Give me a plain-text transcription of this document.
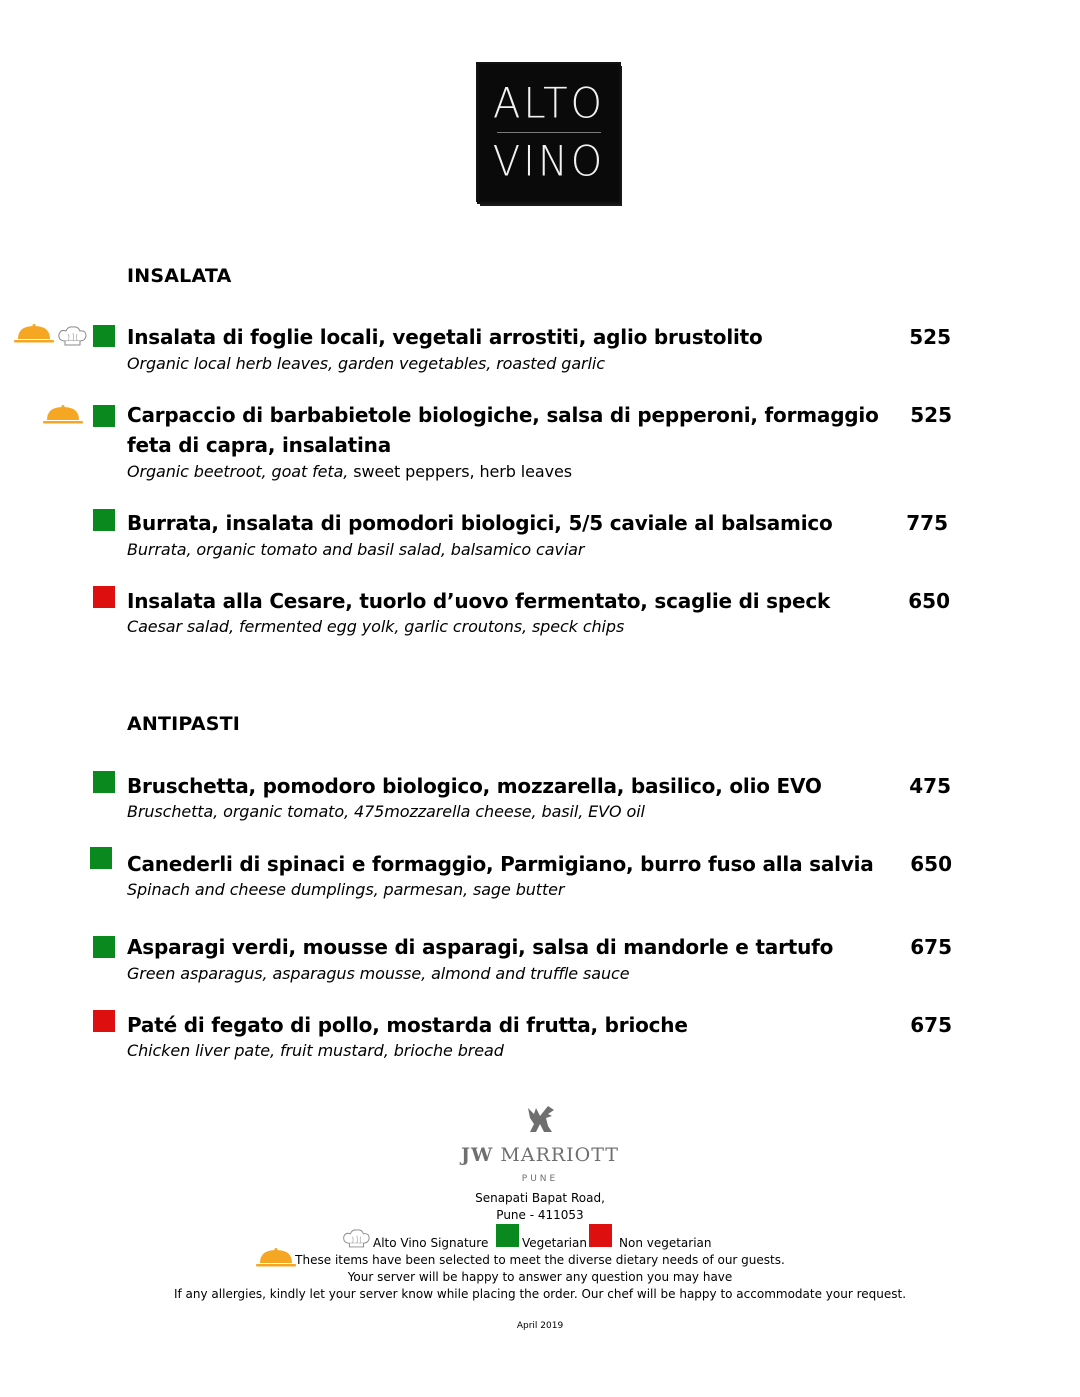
ALTO
VINO
INSALATA
Insalata di foglie locali, vegetali arrostiti, aglio brustolito	525
Organic local herb leaves, garden vegetables, roasted garlic
Carpaccio di barbabietole biologiche, salsa di pepperoni, formaggio feta di capra, insalatina
525
Organic beetroot, goat feta, sweet peppers, herb leaves
Burrata, insalata di pomodori biologici, 5/5 caviale al balsamico	775
Burrata, organic tomato and basil salad, balsamico caviar
Insalata alla Cesare, tuorlo d’uovo fermentato, scaglie di speck	650
Caesar salad, fermented egg yolk, garlic croutons, speck chips
ANTIPASTI
Bruschetta, pomodoro biologico, mozzarella, basilico, olio EVO	475
Bruschetta, organic tomato, 475mozzarella cheese, basil, EVO oil
Canederli di spinaci e formaggio, Parmigiano, burro fuso alla salvia	650
Spinach and cheese dumplings, parmesan, sage butter
Asparagi verdi, mousse di asparagi, salsa di mandorle e tartufo	675
Green asparagus, asparagus mousse, almond and truffle sauce
Paté di fegato di pollo, mostarda di frutta, brioche	675
Chicken liver pate, fruit mustard, brioche bread
JW MARRIOTT
PUNE
Senapati Bapat Road,
Pune - 411053
Alto Vino Signature	Vegetarian	Non vegetarian
These items have been selected to meet the diverse dietary needs of our guests.
Your server will be happy to answer any question you may have
If any allergies, kindly let your server know while placing the order. Our chef will be happy to accommodate your request.
April 2019
